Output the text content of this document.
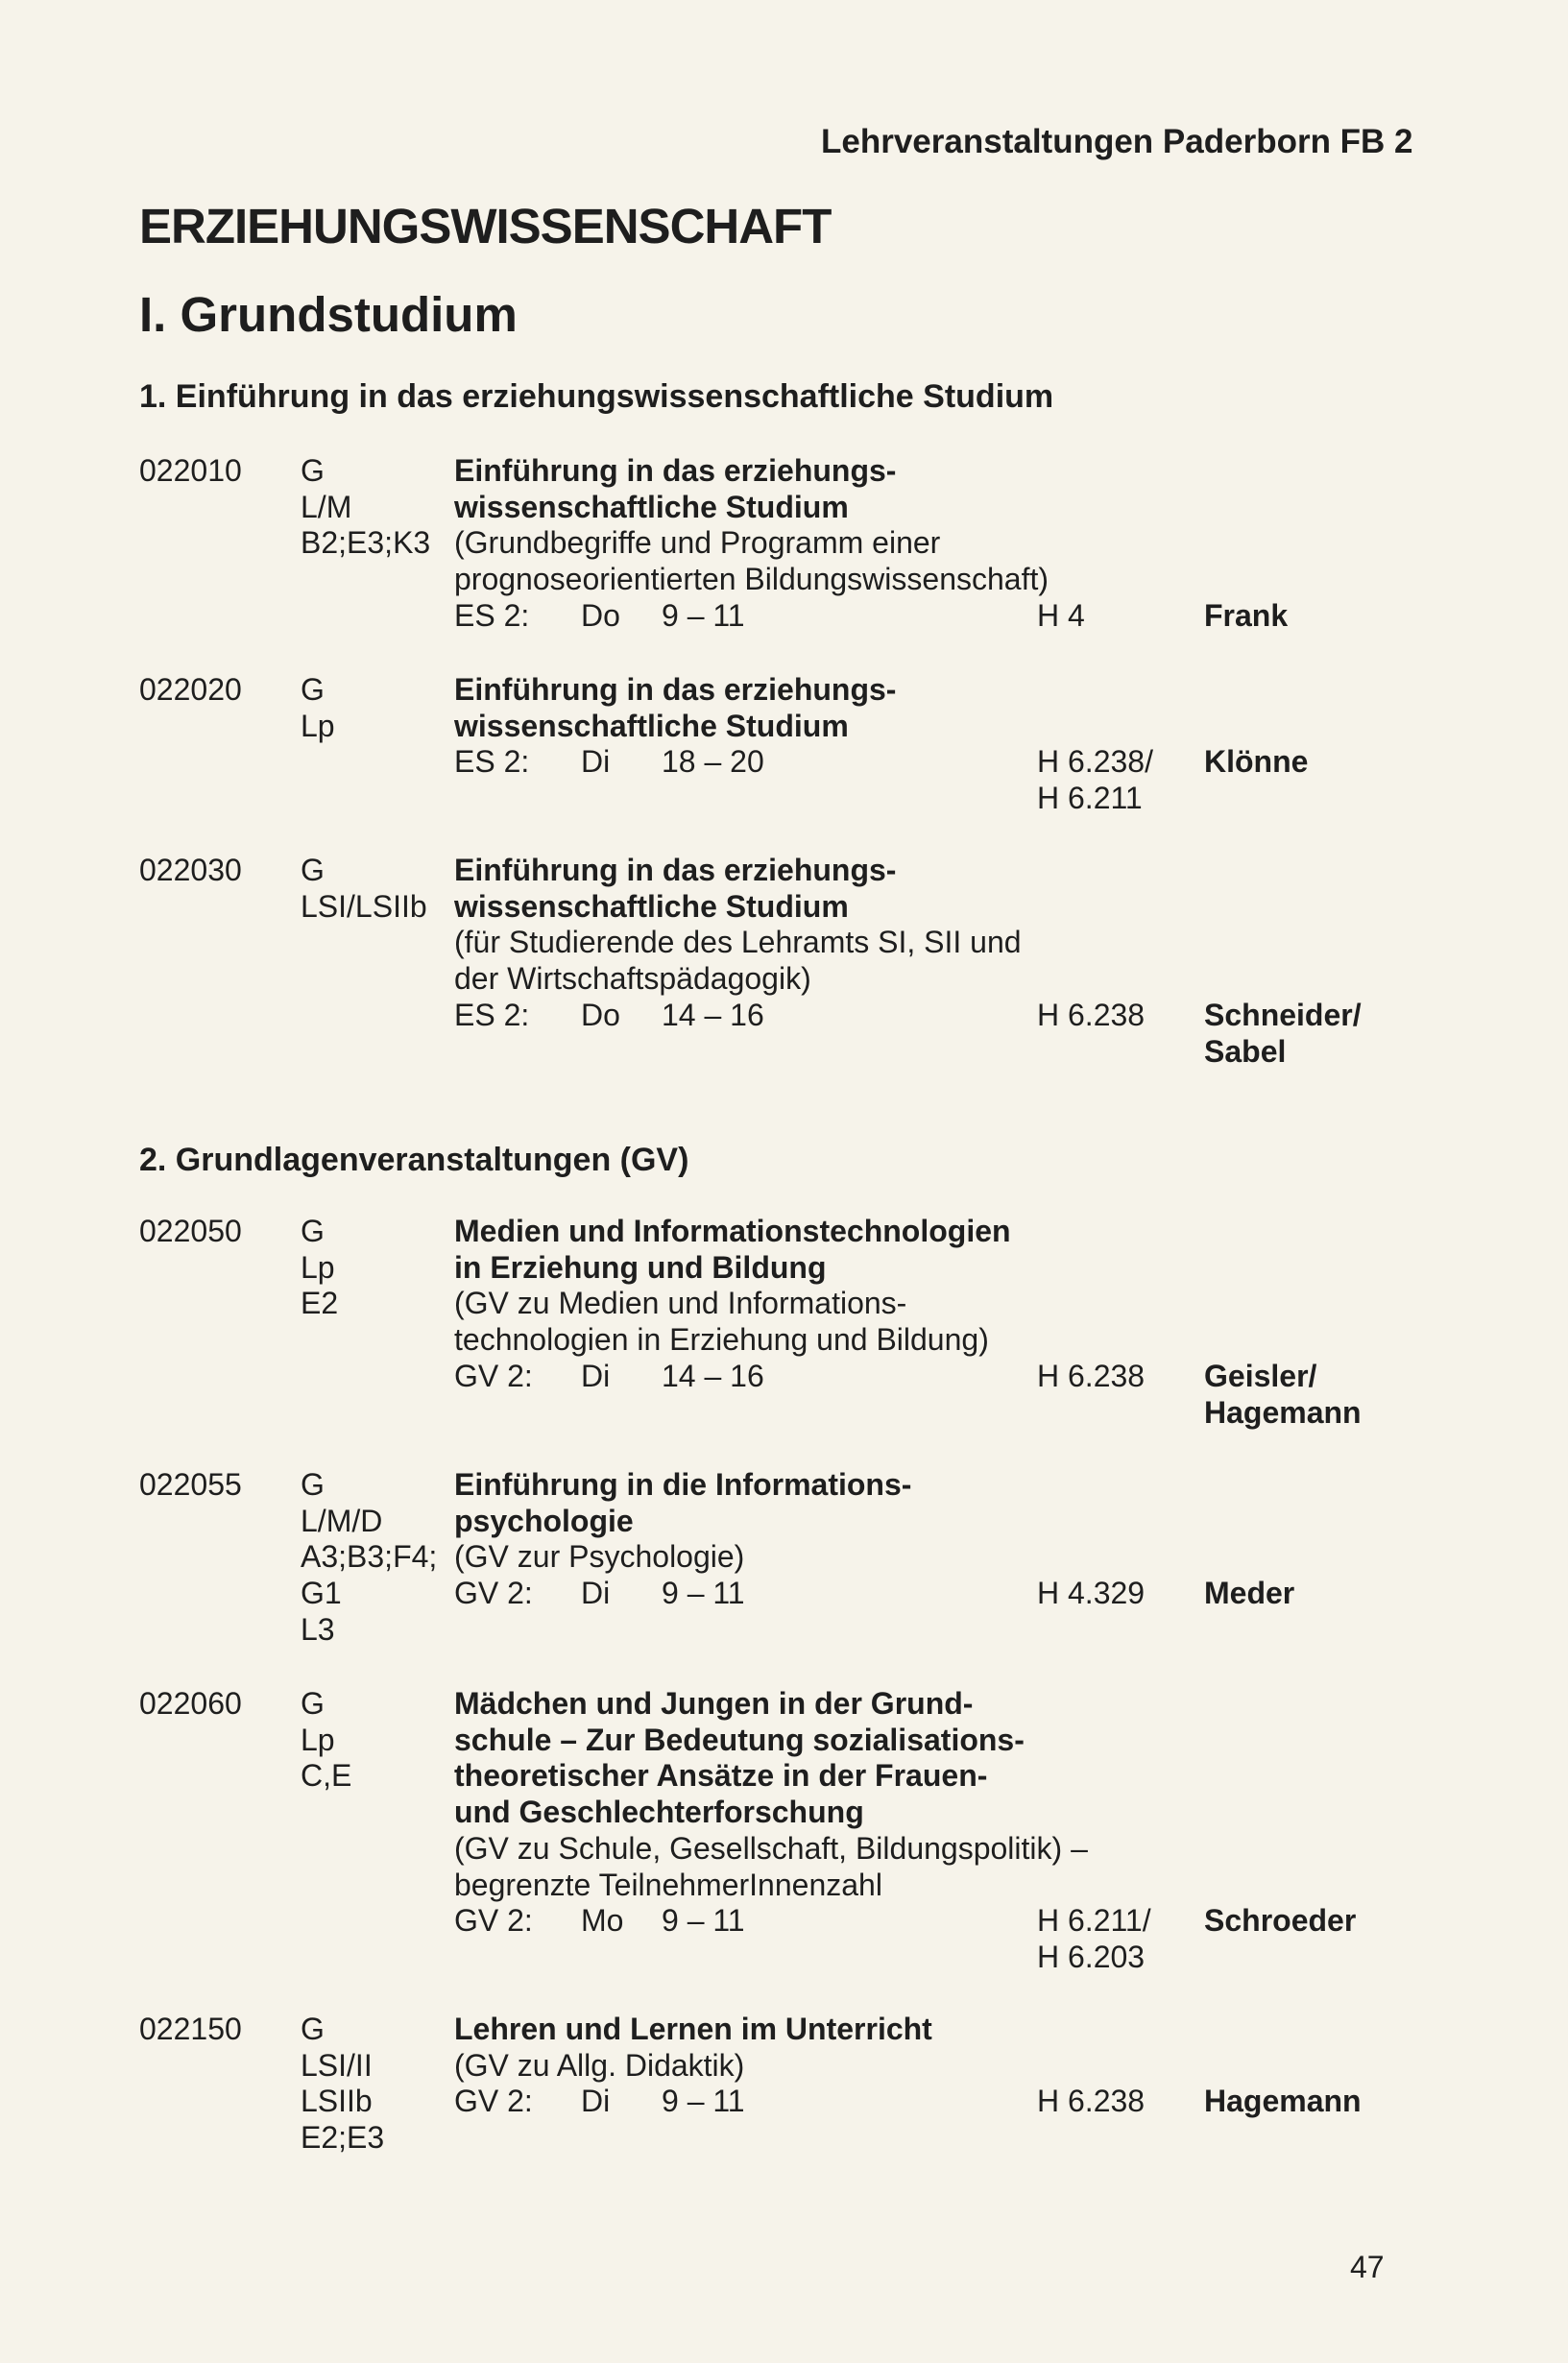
Lehrveranstaltungen Paderborn FB 2
ERZIEHUNGSWISSENSCHAFT
I. Grundstudium
1. Einführung in das erziehungswissenschaftliche Studium
2. Grundlagenveranstaltungen (GV)
022010 G
L/M
B2;E3;K3
Einführung in das erziehungs-
wissenschaftliche Studium
(Grundbegriffe und Programm einer
prognoseorientierten Bildungswissenschaft)
ES 2: Do 9 – 11	H 4	Frank
022020 G
Lp
Einführung in das erziehungs-
wissenschaftliche Studium
ES 2: Di 18 – 20	H 6.238/
H 6.211
Klönne
022030 G
LSI/LSIIb
Einführung in das erziehungs-
wissenschaftliche Studium
(für Studierende des Lehramts SI, SII und
der Wirtschaftspädagogik)
ES 2: Do 14 – 16	H 6.238 Schneider/
Sabel
022050 G
Lp
E2
Medien und Informationstechnologien
in Erziehung und Bildung
(GV zu Medien und Informations-
technologien in Erziehung und Bildung)
GV 2: Di 14 – 16	H 6.238 Geisler/
Hagemann
022055 G
L/M/D
A3;B3;F4;
G1
L3
Einführung in die Informations-
psychologie
(GV zur Psychologie)
GV 2: Di 9 – 11	H 4.329 Meder
022060 G
Lp
C,E
Mädchen und Jungen in der Grund-
schule – Zur Bedeutung sozialisations-
theoretischer Ansätze in der Frauen-
und Geschlechterforschung
(GV zu Schule, Gesellschaft, Bildungspolitik) –
begrenzte TeilnehmerInnenzahl
GV 2: Mo 9 – 11	H 6.211/
H 6.203
Schroeder
022150 G
LSI/II
LSIIb
E2;E3
Lehren und Lernen im Unterricht
(GV zu Allg. Didaktik)
GV 2: Di 9 – 11	H 6.238 Hagemann
47
